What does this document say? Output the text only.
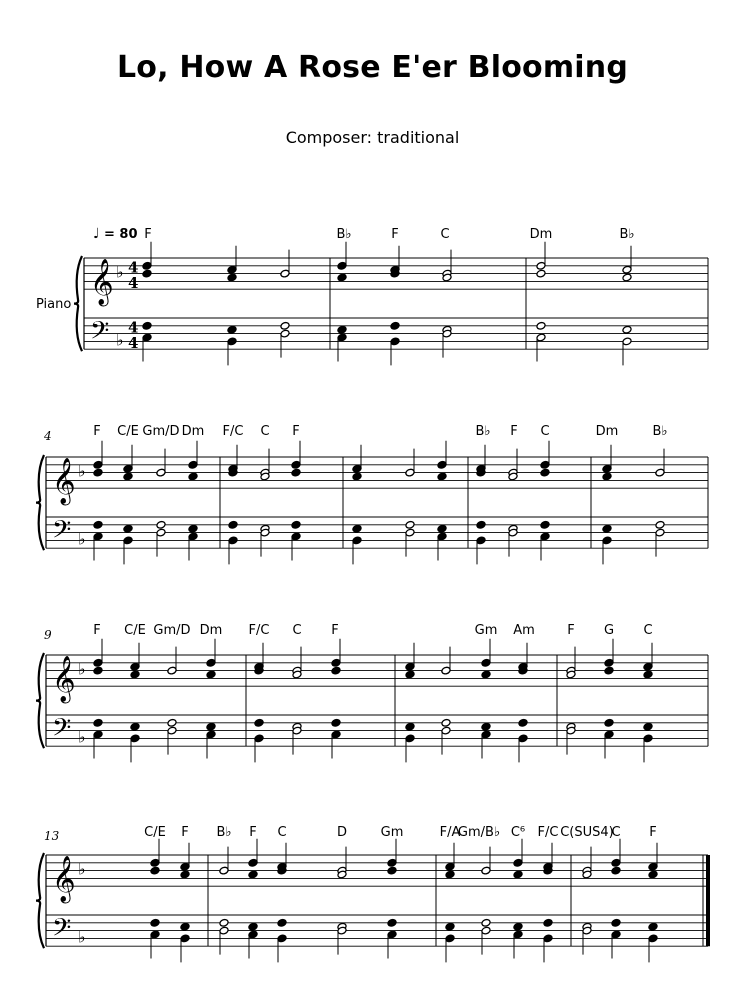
Lo, How A Rose E'er Blooming
Composer: traditional
𝄞
𝄢
♭
♭
4
4
4
4
F	B♭	F	C	Dm	B♭
𝄞
𝄢
♭
♭
4	F C/E Gm/D Dm F/C C F	B♭ F C	Dm	B♭
𝄞
𝄢
♭
♭
9	F C/E Gm/D Dm F/C C F	Gm Am F G C
𝄞
𝄢
♭
♭
13	C/E F B♭ F C	D	Gm	F/A
Gm/B♭ C⁶ F/C C(SUS4)
C F
Piano
♩ = 80
